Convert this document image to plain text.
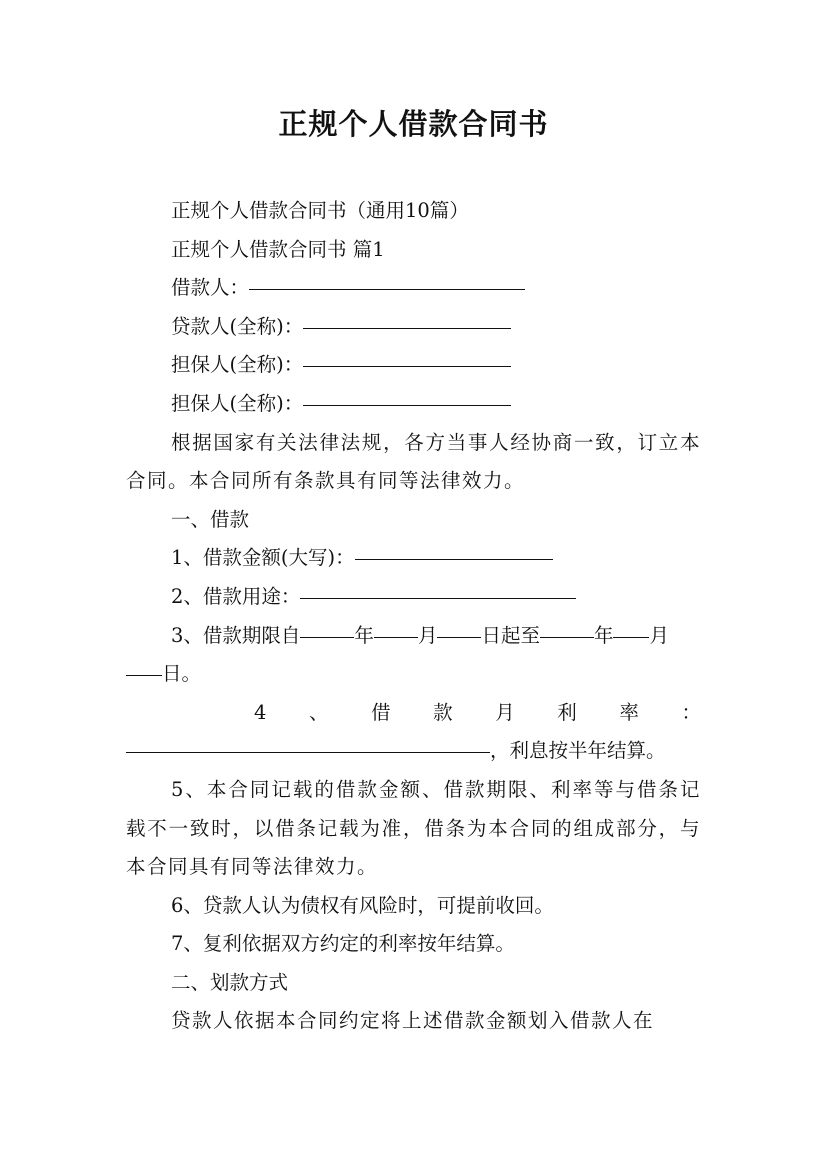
正规个人借款合同书

正规个人借款合同书（通用10篇）

正规个人借款合同书 篇1

借款人：

贷款人(全称)：

担保人(全称)：

担保人(全称)：

根据国家有关法律法规，各方当事人经协商一致，订立本合同。本合同所有条款具有同等法律效力。

一、借款

1、借款金额(大写)：

2、借款用途：

3、借款期限自	年 月 日起至	年 月

日。

4 、 借 款 月 利 率 ：

，利息按半年结算。

5、本合同记载的借款金额、借款期限、利率等与借条记载不一致时，以借条记载为准，借条为本合同的组成部分，与本合同具有同等法律效力。

6、贷款人认为债权有风险时，可提前收回。

7、复利依据双方约定的利率按年结算。

二、划款方式

贷款人依据本合同约定将上述借款金额划入借款人在
